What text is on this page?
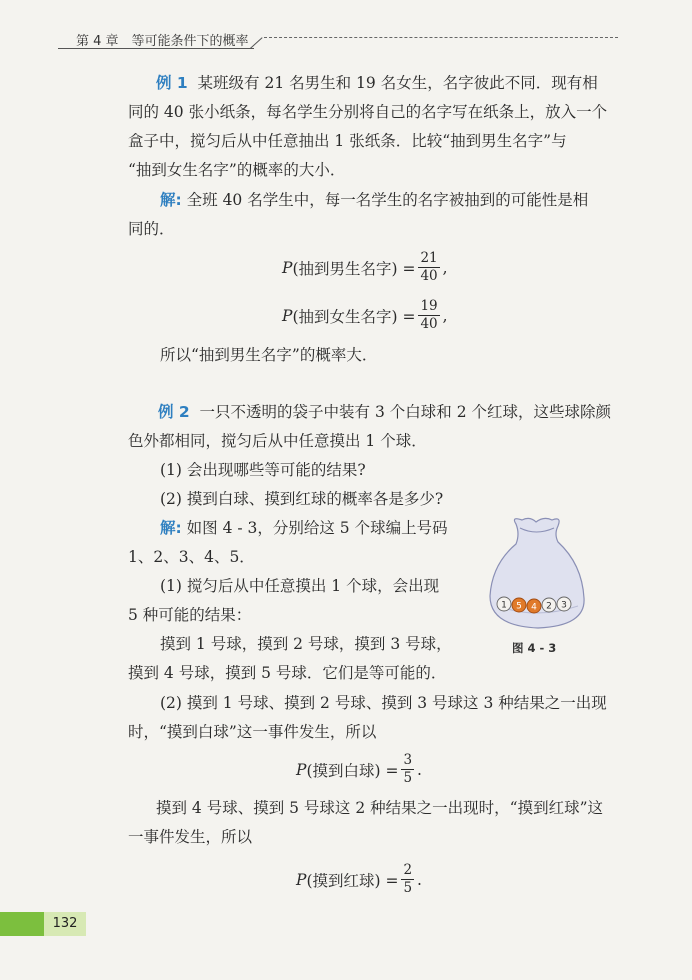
第 4 章　等可能条件下的概率
例 1 某班级有 21 名男生和 19 名女生，名字彼此不同．现有相
同的 40 张小纸条，每名学生分别将自己的名字写在纸条上，放入一个
盒子中，搅匀后从中任意抽出 1 张纸条．比较“抽到男生名字”与
“抽到女生名字”的概率的大小．
解: 全班 40 名学生中，每一名学生的名字被抽到的可能性是相
同的．
P (抽到男生名字) = $\frac{21}{40}$ ,
P (抽到女生名字) = $\frac{19}{40}$ ,
所以“抽到男生名字”的概率大．
例 2 一只不透明的袋子中装有 3 个白球和 2 个红球，这些球除颜
色外都相同，搅匀后从中任意摸出 1 个球．
(1) 会出现哪些等可能的结果?
(2) 摸到白球、摸到红球的概率各是多少?
解: 如图 4 - 3，分别给这 5 个球编上号码
1、2、3、4、5．
(1) 搅匀后从中任意摸出 1 个球，会出现
5 种可能的结果：
摸到 1 号球，摸到 2 号球，摸到 3 号球，
摸到 4 号球，摸到 5 号球．它们是等可能的．
(2) 摸到 1 号球、摸到 2 号球、摸到 3 号球这 3 种结果之一出现
时，“摸到白球”这一事件发生，所以
P (摸到白球) = $\frac{3}{5}$ .
摸到 4 号球、摸到 5 号球这 2 种结果之一出现时，“摸到红球”这
一事件发生，所以
P (摸到红球) = $\frac{2}{5}$ .
1 5 4 2 3
图 4 - 3
132
